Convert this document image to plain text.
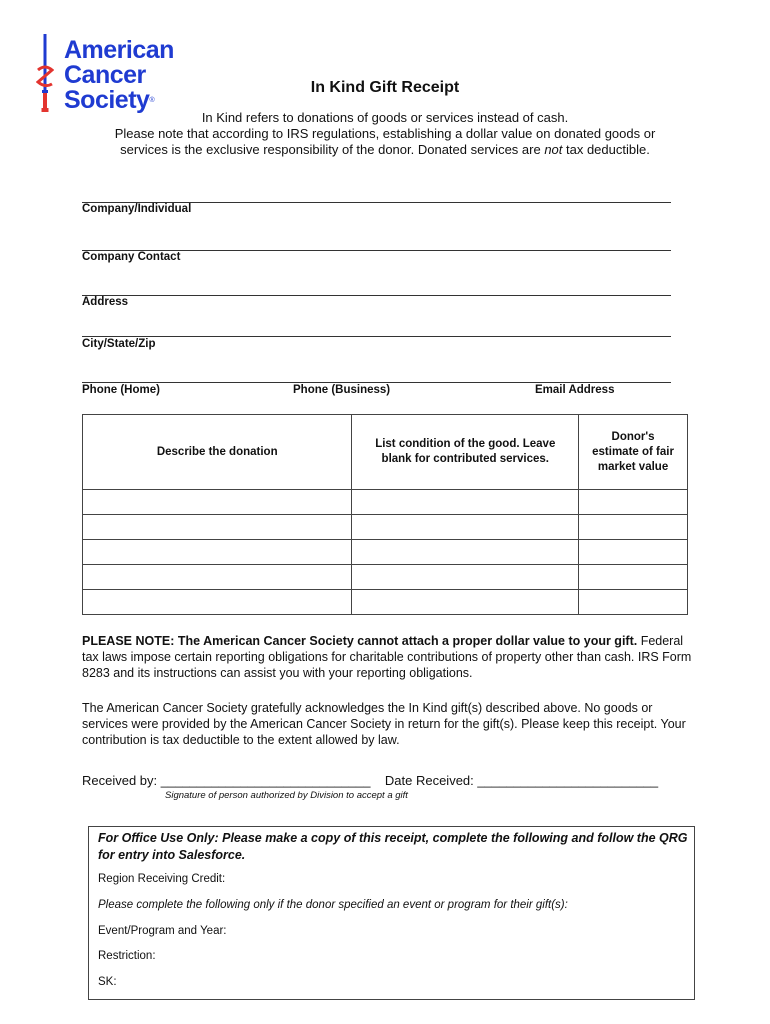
American
Cancer
Society®
In Kind Gift Receipt

In Kind refers to donations of goods or services instead of cash.

Please note that according to IRS regulations, establishing a dollar value on donated goods or

services is the exclusive responsibility of the donor. Donated services are not tax deductible.

Company/Individual
Company Contact
Address
City/State/Zip
Phone (Home)	Phone (Business)	Email Address
Describe the donation	List condition of the good. Leave blank for contributed services.	Donor's estimate of fair market value

PLEASE NOTE: The American Cancer Society cannot attach a proper dollar value to your gift. Federal tax laws impose certain reporting obligations for charitable contributions of property other than cash. IRS Form 8283 and its instructions can assist you with your reporting obligations.

The American Cancer Society gratefully acknowledges the In Kind gift(s) described above. No goods or services were provided by the American Cancer Society in return for the gift(s). Please keep this receipt. Your contribution is tax deductible to the extent allowed by law.
Received by: _____________________________ Date Received: _________________________
Signature of person authorized by Division to accept a gift
For Office Use Only: Please make a copy of this receipt, complete the following and follow the QRG for entry into Salesforce.
Region Receiving Credit:
Please complete the following only if the donor specified an event or program for their gift(s):
Event/Program and Year:
Restriction:
SK:
